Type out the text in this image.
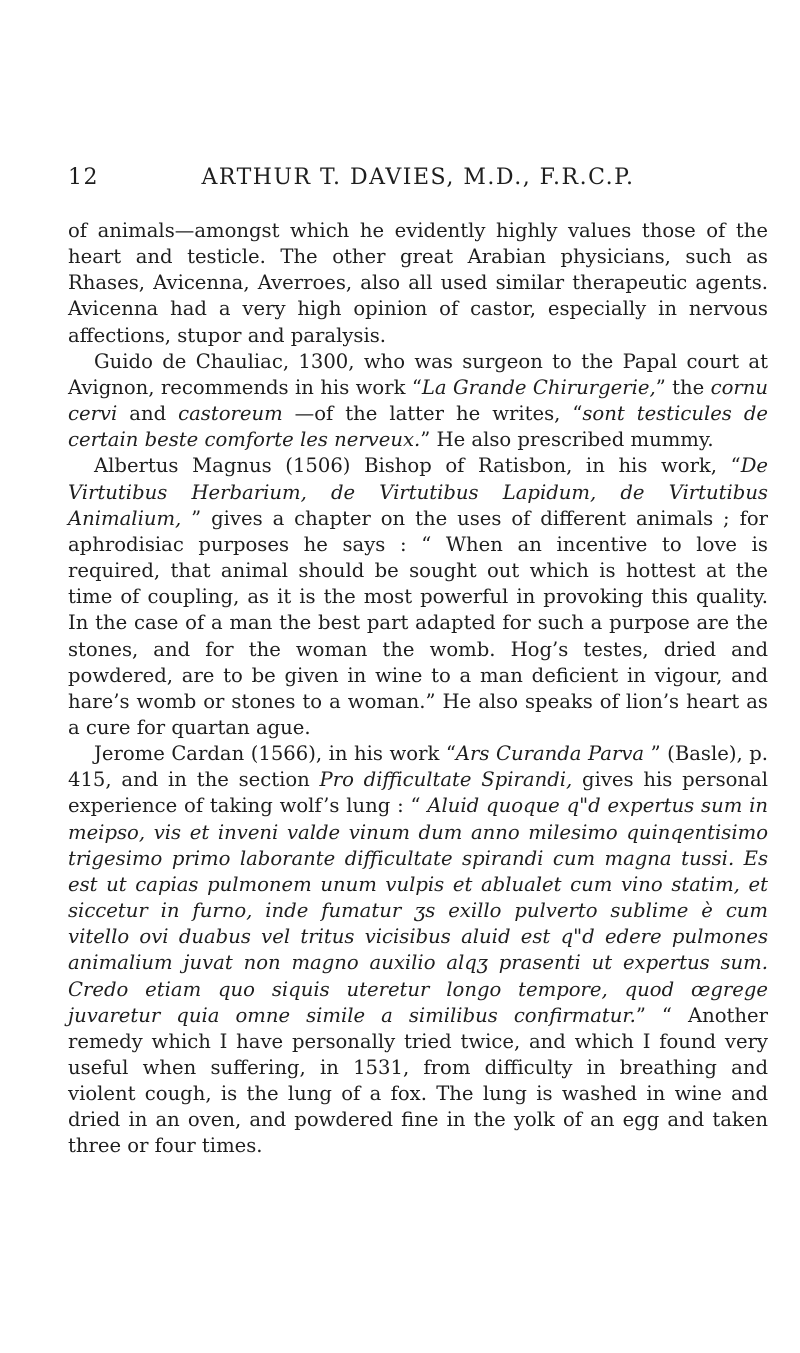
12	ARTHUR T. DAVIES, M.D., F.R.C.P.

of animals—amongst which he evidently highly values those of the heart and testicle. The other great Arabian physicians, such as Rhases, Avicenna, Averroes, also all used similar therapeutic agents. Avicenna had a very high opinion of castor, especially in nervous affections, stupor and paralysis.

Guido de Chauliac, 1300, who was surgeon to the Papal court at Avignon, recommends in his work “La Grande Chirurgerie,” the cornu cervi and castoreum —of the latter he writes, “sont testicules de certain beste comforte les nerveux.” He also prescribed mummy.

Albertus Magnus (1506) Bishop of Ratisbon, in his work, “De Virtutibus Herbarium, de Virtutibus Lapidum, de Virtutibus Animalium, ” gives a chapter on the uses of different animals ; for aphrodisiac purposes he says : “ When an incentive to love is required, that animal should be sought out which is hottest at the time of coupling, as it is the most powerful in provoking this quality. In the case of a man the best part adapted for such a purpose are the stones, and for the woman the womb. Hog’s testes, dried and powdered, are to be given in wine to a man deficient in vigour, and hare’s womb or stones to a woman.” He also speaks of lion’s heart as a cure for quartan ague.

Jerome Cardan (1566), in his work “Ars Curanda Parva ” (Basle), p. 415, and in the section Pro difficultate Spirandi, gives his personal experience of taking wolf’s lung : “ Aluid quoque q"d expertus sum in meipso, vis et inveni valde vinum dum anno milesimo quinqentisimo trigesimo primo laborante difficultate spirandi cum magna tussi. Es est ut capias pulmonem unum vulpis et ablualet cum vino statim, et siccetur in furno, inde fumatur ʒs exillo pulverto sublime è cum vitello ovi duabus vel tritus vicisibus aluid est q"d edere pulmones animalium juvat non magno auxilio alqʒ prasenti ut expertus sum. Credo etiam quo siquis uteretur longo tempore, quod œgrege juvaretur quia omne simile a similibus confirmatur.” “ Another remedy which I have personally tried twice, and which I found very useful when suffering, in 1531, from difficulty in breathing and violent cough, is the lung of a fox. The lung is washed in wine and dried in an oven, and powdered fine in the yolk of an egg and taken three or four times.
